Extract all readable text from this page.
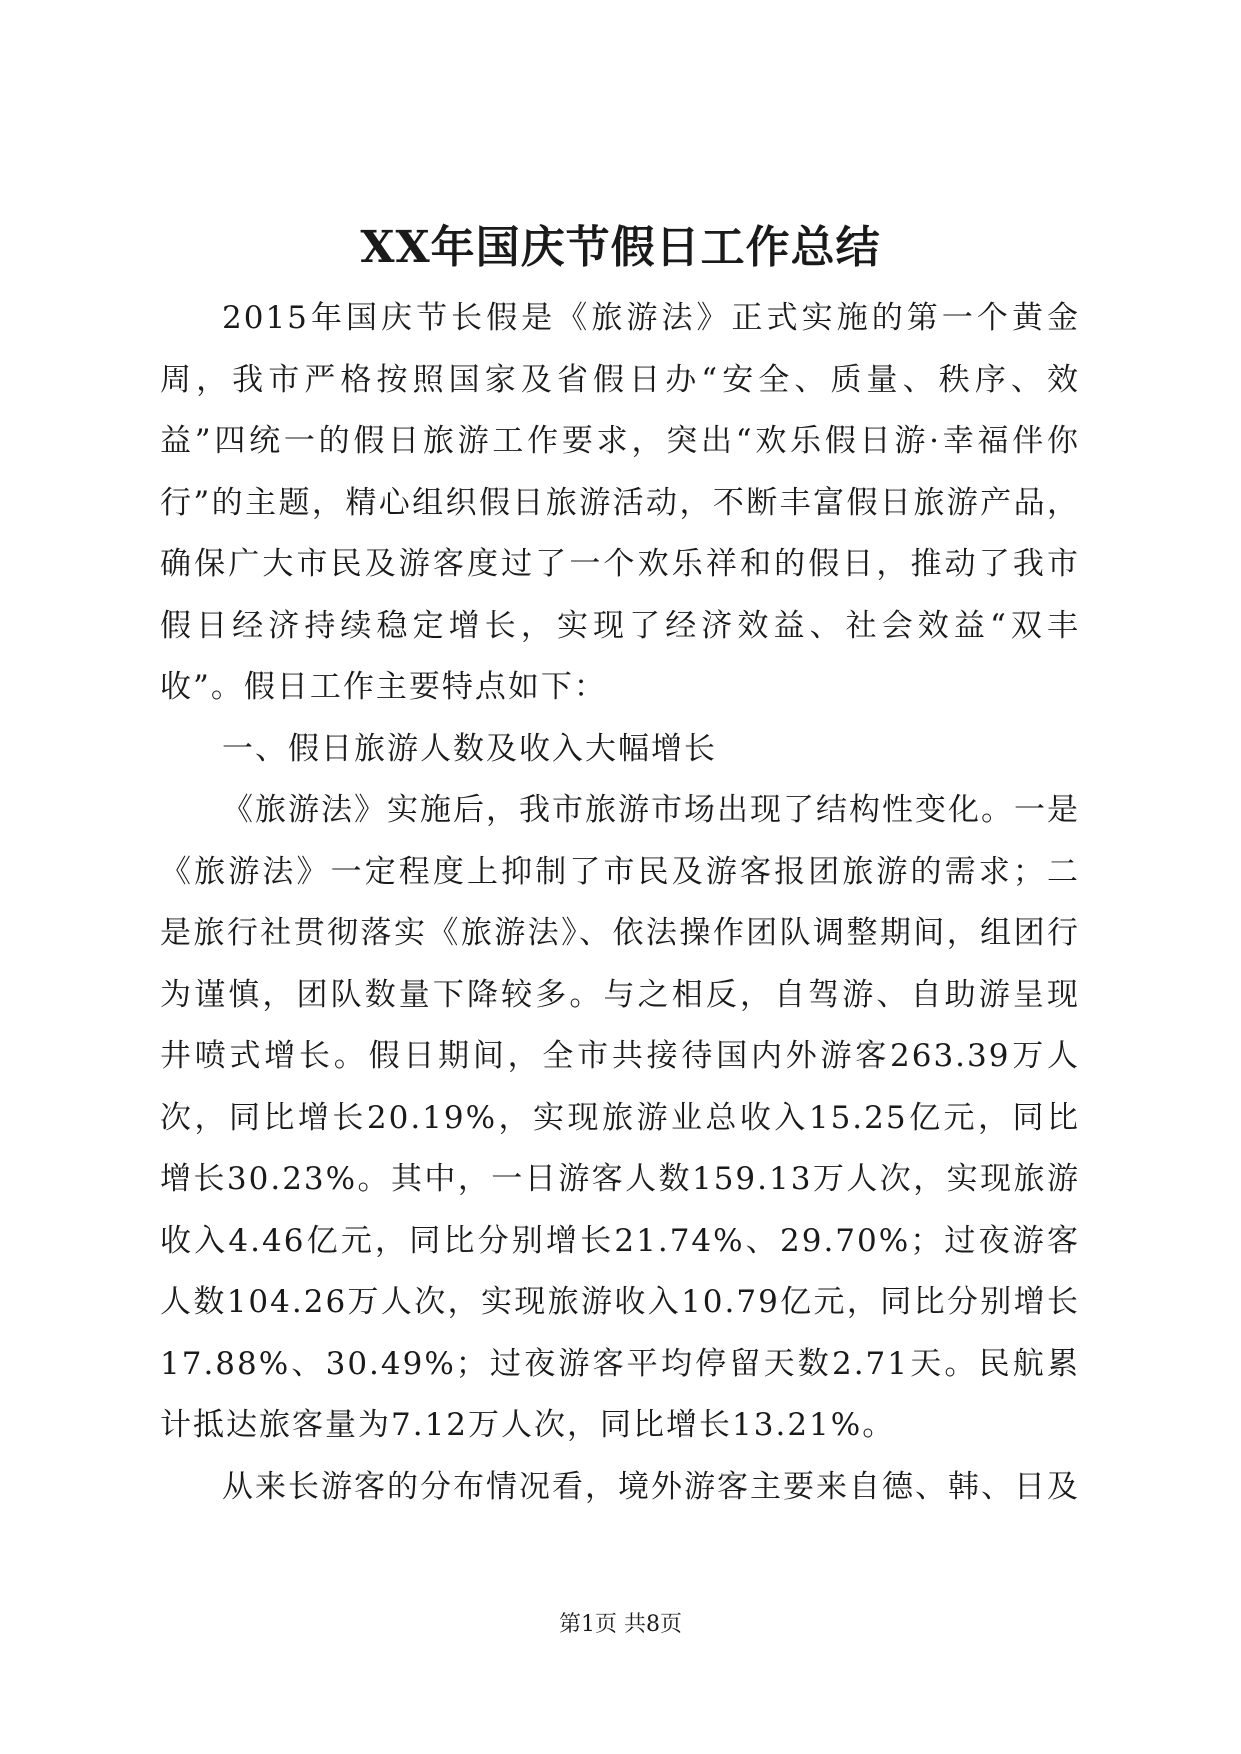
XX年国庆节假日工作总结

2015年国庆节长假是《旅游法》正式实施的第一个黄金周，我市严格按照国家及省假日办“安全、质量、秩序、效益”四统一的假日旅游工作要求，突出“欢乐假日游·幸福伴你行”的主题，精心组织假日旅游活动，不断丰富假日旅游产品，确保广大市民及游客度过了一个欢乐祥和的假日，推动了我市假日经济持续稳定增长，实现了经济效益、社会效益“双丰收”。假日工作主要特点如下：

一、假日旅游人数及收入大幅增长

《旅游法》实施后，我市旅游市场出现了结构性变化。一是《旅游法》一定程度上抑制了市民及游客报团旅游的需求；二是旅行社贯彻落实《旅游法》、依法操作团队调整期间，组团行为谨慎，团队数量下降较多。与之相反，自驾游、自助游呈现井喷式增长。假日期间，全市共接待国内外游客263.39万人次，同比增长20.19%，实现旅游业总收入15.25亿元，同比增长30.23%。其中，一日游客人数159.13万人次，实现旅游收入4.46亿元，同比分别增长21.74%、29.70%；过夜游客人数104.26万人次，实现旅游收入10.79亿元，同比分别增长17.88%、30.49%；过夜游客平均停留天数2.71天。民航累计抵达旅客量为7.12万人次，同比增长13.21%。

从来长游客的分布情况看，境外游客主要来自德、韩、日及

第1页 共8页
